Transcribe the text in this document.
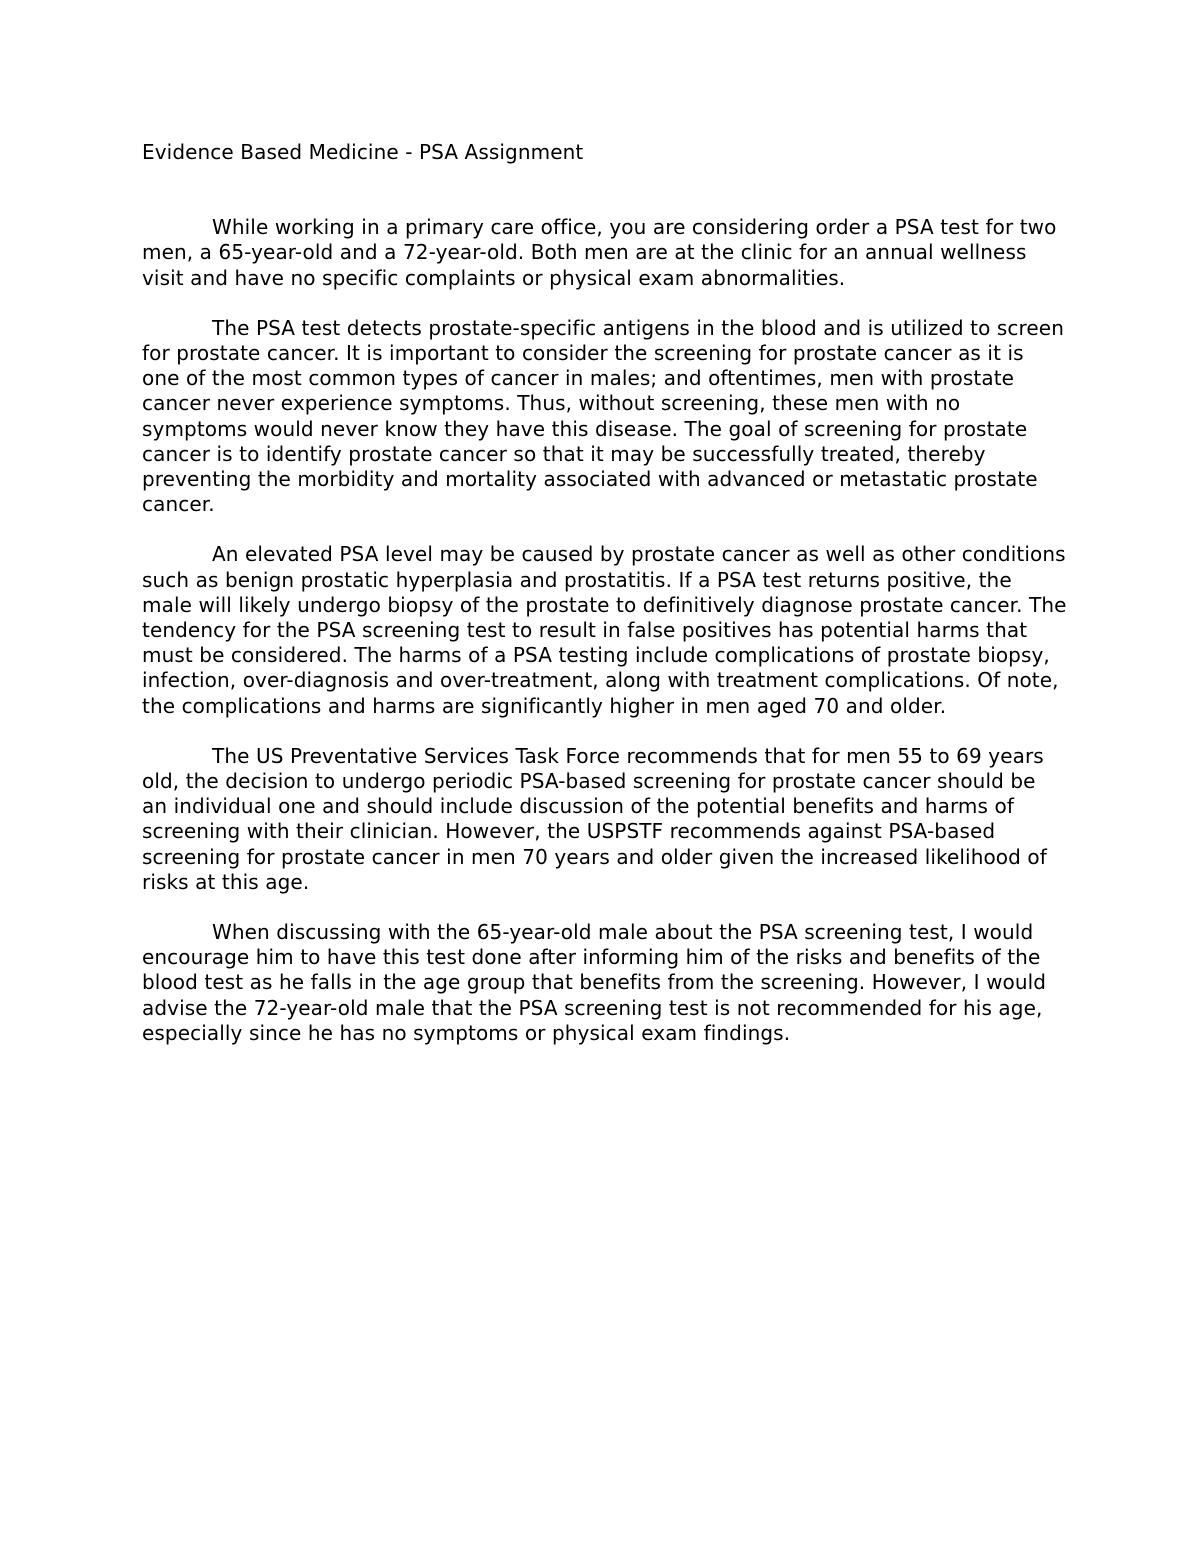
Evidence Based Medicine - PSA Assignment

While working in a primary care office, you are considering order a PSA test for two men, a 65-year-old and a 72-year-old. Both men are at the clinic for an annual wellness visit and have no specific complaints or physical exam abnormalities.

The PSA test detects prostate-specific antigens in the blood and is utilized to screen for prostate cancer. It is important to consider the screening for prostate cancer as it is one of the most common types of cancer in males; and oftentimes, men with prostate cancer never experience symptoms. Thus, without screening, these men with no symptoms would never know they have this disease. The goal of screening for prostate cancer is to identify prostate cancer so that it may be successfully treated, thereby preventing the morbidity and mortality associated with advanced or metastatic prostate cancer.

An elevated PSA level may be caused by prostate cancer as well as other conditions such as benign prostatic hyperplasia and prostatitis. If a PSA test returns positive, the male will likely undergo biopsy of the prostate to definitively diagnose prostate cancer. The tendency for the PSA screening test to result in false positives has potential harms that must be considered. The harms of a PSA testing include complications of prostate biopsy, infection, over-diagnosis and over-treatment, along with treatment complications. Of note, the complications and harms are significantly higher in men aged 70 and older.

The US Preventative Services Task Force recommends that for men 55 to 69 years old, the decision to undergo periodic PSA-based screening for prostate cancer should be an individual one and should include discussion of the potential benefits and harms of screening with their clinician. However, the USPSTF recommends against PSA-based screening for prostate cancer in men 70 years and older given the increased likelihood of risks at this age.

When discussing with the 65-year-old male about the PSA screening test, I would encourage him to have this test done after informing him of the risks and benefits of the blood test as he falls in the age group that benefits from the screening. However, I would advise the 72-year-old male that the PSA screening test is not recommended for his age, especially since he has no symptoms or physical exam findings.
